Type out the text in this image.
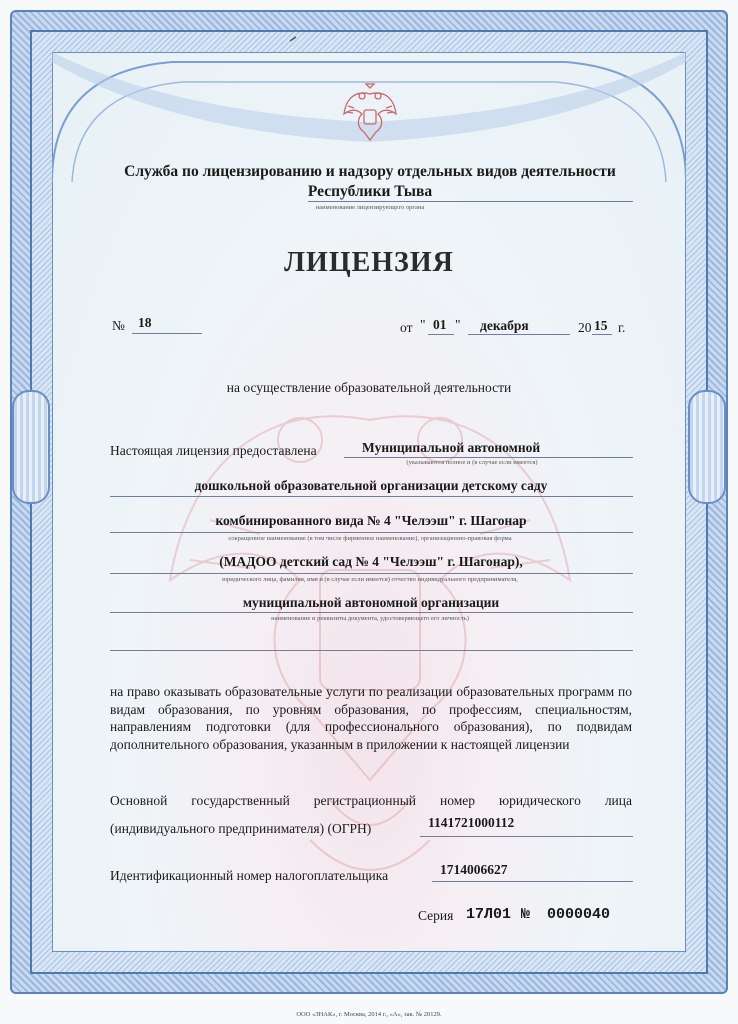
Служба по лицензированию и надзору отдельных видов деятельности
Республики Тыва
наименование лицензирующего органа
ЛИЦЕНЗИЯ
№ 18	от " 01 " декабря	20 15 г.
на осуществление образовательной деятельности
Настоящая лицензия предоставлена	Муниципальной автономной
(указываются полное и (в случае если имеется)
дошкольной образовательной организации детскому саду
комбинированного вида № 4 "Челээш" г. Шагонар
сокращенное наименование (в том числе фирменное наименование), организационно-правовая форма
(МАДОО детский сад № 4 "Челээш" г. Шагонар),
юридического лица, фамилия, имя и (в случае если имеется) отчество индивидуального предпринимателя,
муниципальной автономной организации
наименование и реквизиты документа, удостоверяющего его личность)
на право оказывать образовательные услуги по реализации образовательных программ по видам образования, по уровням образования, по профессиям, специальностям, направлениям подготовки (для профессионального образования), по подвидам дополнительного образования, указанным в приложении к настоящей лицензии
Основной государственный регистрационный номер юридического лица
(индивидуального предпринимателя) (ОГРН)	1141721000112
Идентификационный номер налогоплательщика	1714006627
Серия 17Л01 № 0000040
ООО «ЗНАК», г. Москва, 2014 г., «А», зак. № 20129.
